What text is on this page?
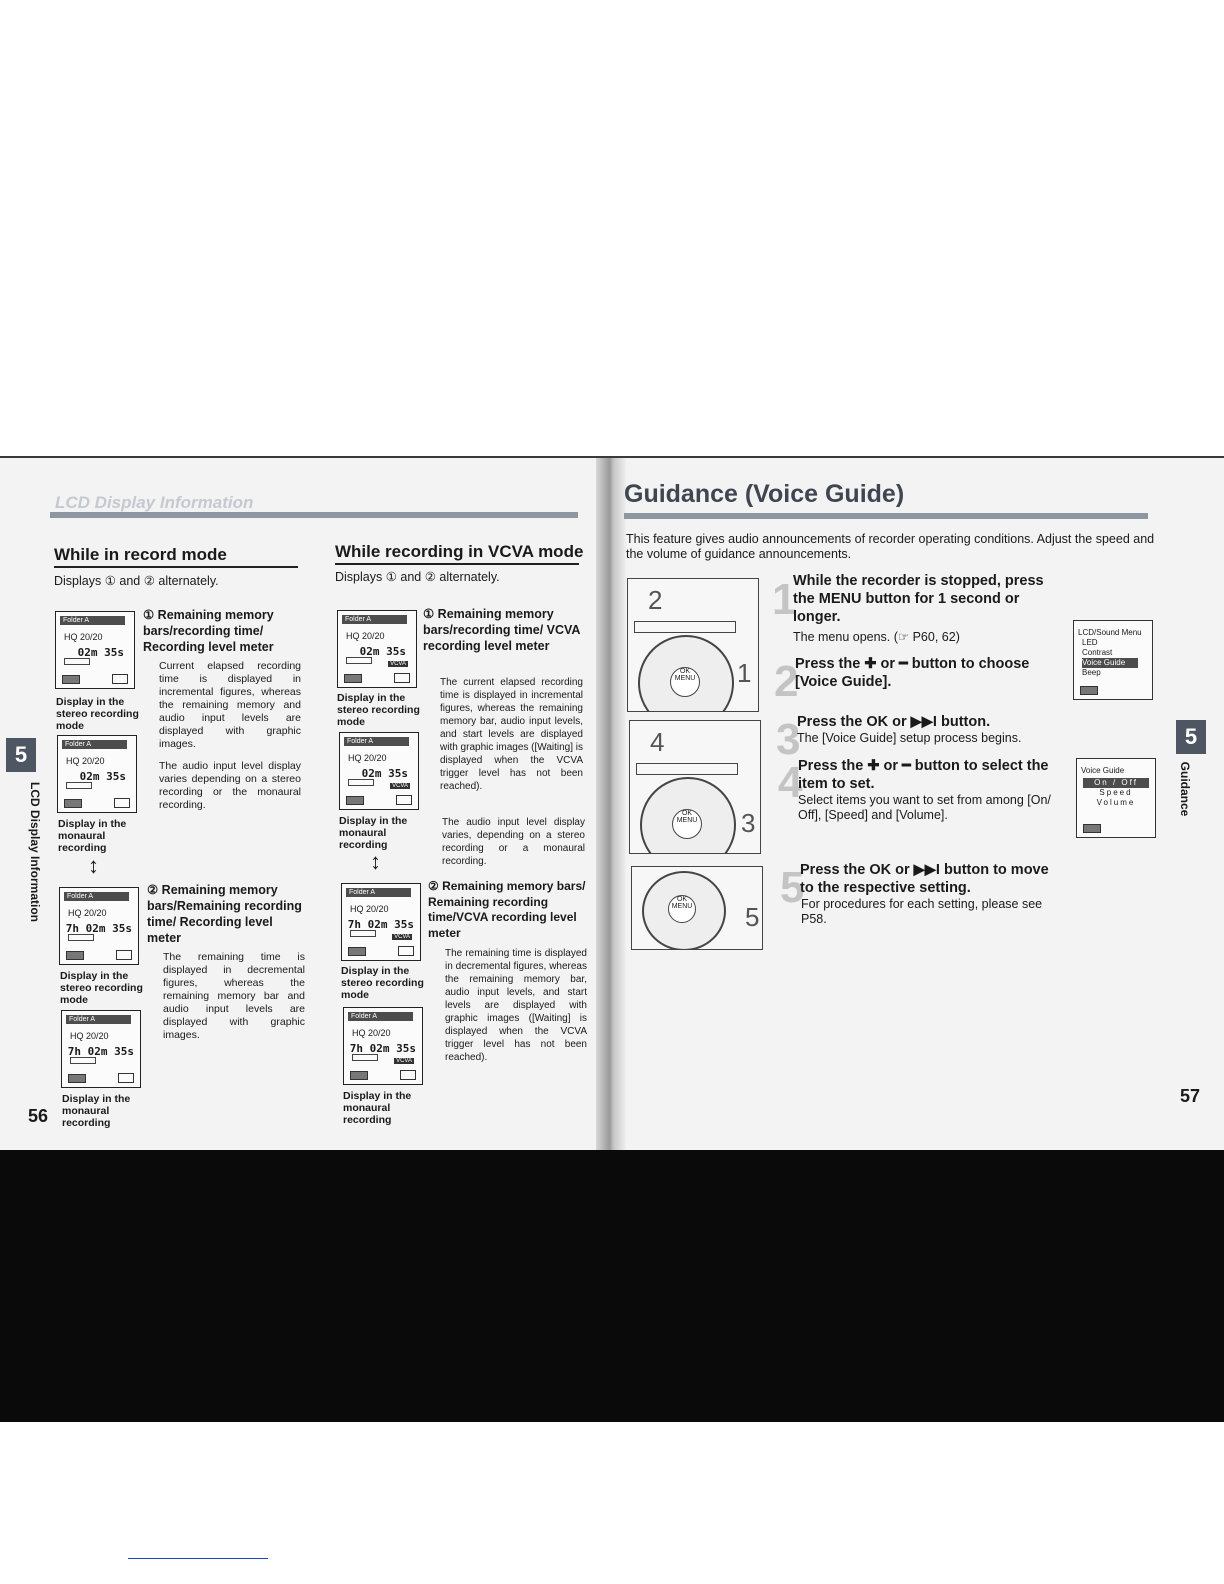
LCD Display Information
While in record mode
Displays ① and ② alternately.
① Remaining memory bars/recording time/ Recording level meter
Current elapsed recording time is displayed in incremental figures, whereas the remaining memory and audio input levels are displayed with graphic images.
The audio input level display varies depending on a stereo recording or the monaural recording.
② Remaining memory bars/Remaining recording time/ Recording level meter
The remaining time is displayed in decremental figures, whereas the remaining memory bar and audio input levels are displayed with graphic images.
Folder A
HQ 20/20
02m 35s
Display in the stereo recording mode
Folder A
HQ 20/20
02m 35s
Display in the monaural recording
↕
Folder A
HQ 20/20
7h 02m 35s
Display in the stereo recording mode
Folder A
HQ 20/20
7h 02m 35s
Display in the monaural recording
56
5
LCD Display Information
While recording in VCVA mode
Displays ① and ② alternately.
① Remaining memory bars/recording time/ VCVA recording level meter
The current elapsed recording time is displayed in incremental figures, whereas the remaining memory bar, audio input levels, and start levels are displayed with graphic images ([Waiting] is displayed when the VCVA trigger level has not been reached).
The audio input level display varies, depending on a stereo recording or a monaural recording.
② Remaining memory bars/ Remaining recording time/VCVA recording level meter
The remaining time is displayed in decremental figures, whereas the remaining memory bar, audio input levels, and start levels are displayed with graphic images ([Waiting] is displayed when the VCVA trigger level has not been reached).
Folder A
HQ 20/20
02m 35s
VCVA
Display in the stereo recording mode
Folder A
HQ 20/20
02m 35s
VCVA
Display in the monaural recording
↕
Folder A
HQ 20/20
7h 02m 35s
VCVA
Display in the stereo recording mode
Folder A
HQ 20/20
7h 02m 35s
VCVA
Display in the monaural recording
Guidance (Voice Guide)
This feature gives audio announcements of recorder operating conditions. Adjust the speed and the volume of guidance announcements.
OK MENU
2
1
OK MENU
4
3
OK MENU 5
1
While the recorder is stopped, press the MENU button for 1 second or longer.
The menu opens. (☞ P60, 62)
2
Press the ✚ or ━ button to choose [Voice Guide].
3
Press the OK or ▶▶I button.
The [Voice Guide] setup process begins.
4
Press the ✚ or ━ button to select the item to set.
Select items you want to set from among [On/ Off], [Speed] and [Volume].
5
Press the OK or ▶▶I button to move to the respective setting.
For procedures for each setting, please see P58.
LCD/Sound Menu
LED
Contrast
Voice Guide
Beep
Voice Guide
On / Off
Speed
Volume
5
Guidance
57
